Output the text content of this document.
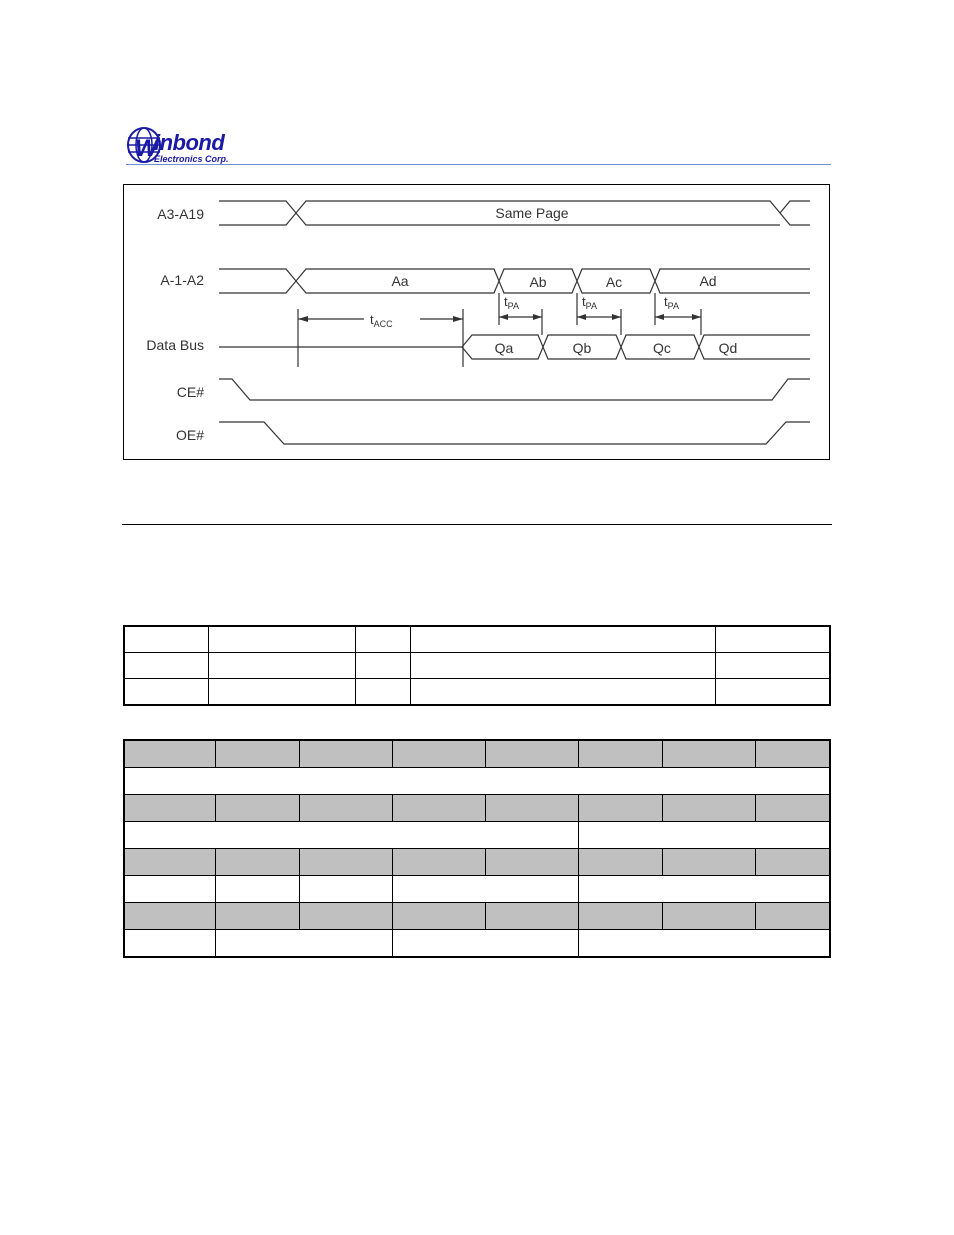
W
inbond
Electronics Corp.
A3-A19
A-1-A2
Data Bus
CE#
OE#
Same Page
Aa	Ab	Ac	Ad
Qa	Qb	Qc	Qd
$t_{ACC}$
$t_{PA}$	$t_{PA}$	$t_{PA}$
